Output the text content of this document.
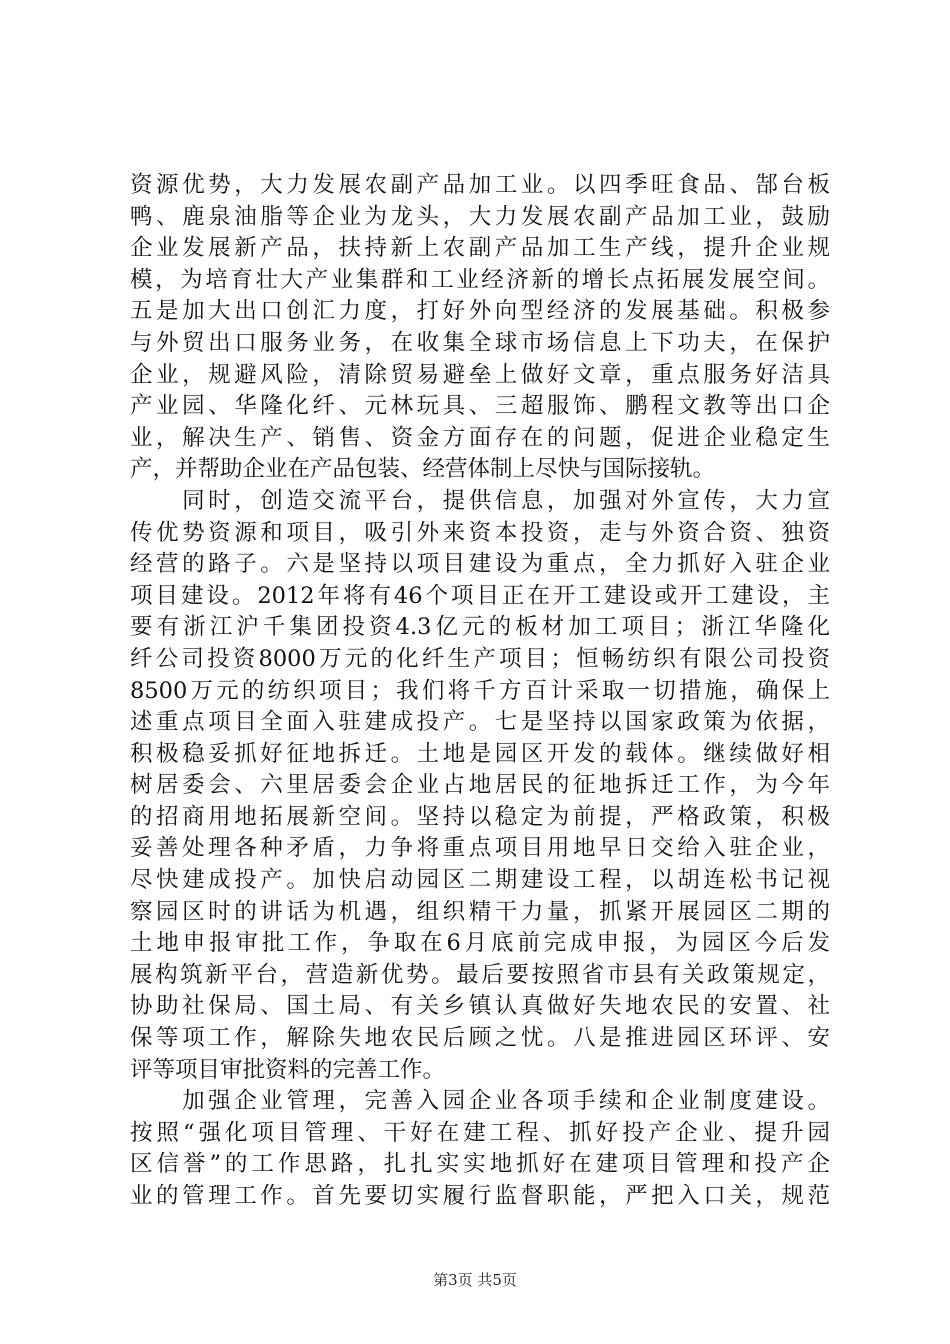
资源优势，大力发展农副产品加工业。以四季旺食品、郜台板
鸭、鹿泉油脂等企业为龙头，大力发展农副产品加工业，鼓励
企业发展新产品，扶持新上农副产品加工生产线，提升企业规
模，为培育壮大产业集群和工业经济新的增长点拓展发展空间。
五是加大出口创汇力度，打好外向型经济的发展基础。积极参
与外贸出口服务业务，在收集全球市场信息上下功夫，在保护
企业，规避风险，清除贸易避垒上做好文章，重点服务好洁具
产业园、华隆化纤、元林玩具、三超服饰、鹏程文教等出口企
业，解决生产、销售、资金方面存在的问题，促进企业稳定生
产，并帮助企业在产品包装、经营体制上尽快与国际接轨。
　　同时，创造交流平台，提供信息，加强对外宣传，大力宣
传优势资源和项目，吸引外来资本投资，走与外资合资、独资
经营的路子。六是坚持以项目建设为重点，全力抓好入驻企业
项目建设。2012年将有46个项目正在开工建设或开工建设，主
要有浙江沪千集团投资4.3亿元的板材加工项目；浙江华隆化
纤公司投资8000万元的化纤生产项目；恒畅纺织有限公司投资
8500万元的纺织项目；我们将千方百计采取一切措施，确保上
述重点项目全面入驻建成投产。七是坚持以国家政策为依据，
积极稳妥抓好征地拆迁。土地是园区开发的载体。继续做好相
树居委会、六里居委会企业占地居民的征地拆迁工作，为今年
的招商用地拓展新空间。坚持以稳定为前提，严格政策，积极
妥善处理各种矛盾，力争将重点项目用地早日交给入驻企业，
尽快建成投产。加快启动园区二期建设工程，以胡连松书记视
察园区时的讲话为机遇，组织精干力量，抓紧开展园区二期的
土地申报审批工作，争取在6月底前完成申报，为园区今后发
展构筑新平台，营造新优势。最后要按照省市县有关政策规定，
协助社保局、国土局、有关乡镇认真做好失地农民的安置、社
保等项工作，解除失地农民后顾之忧。八是推进园区环评、安
评等项目审批资料的完善工作。
　　加强企业管理，完善入园企业各项手续和企业制度建设。
按照“强化项目管理、干好在建工程、抓好投产企业、提升园
区信誉”的工作思路，扎扎实实地抓好在建项目管理和投产企
业的管理工作。首先要切实履行监督职能，严把入口关，规范
第3页 共5页
